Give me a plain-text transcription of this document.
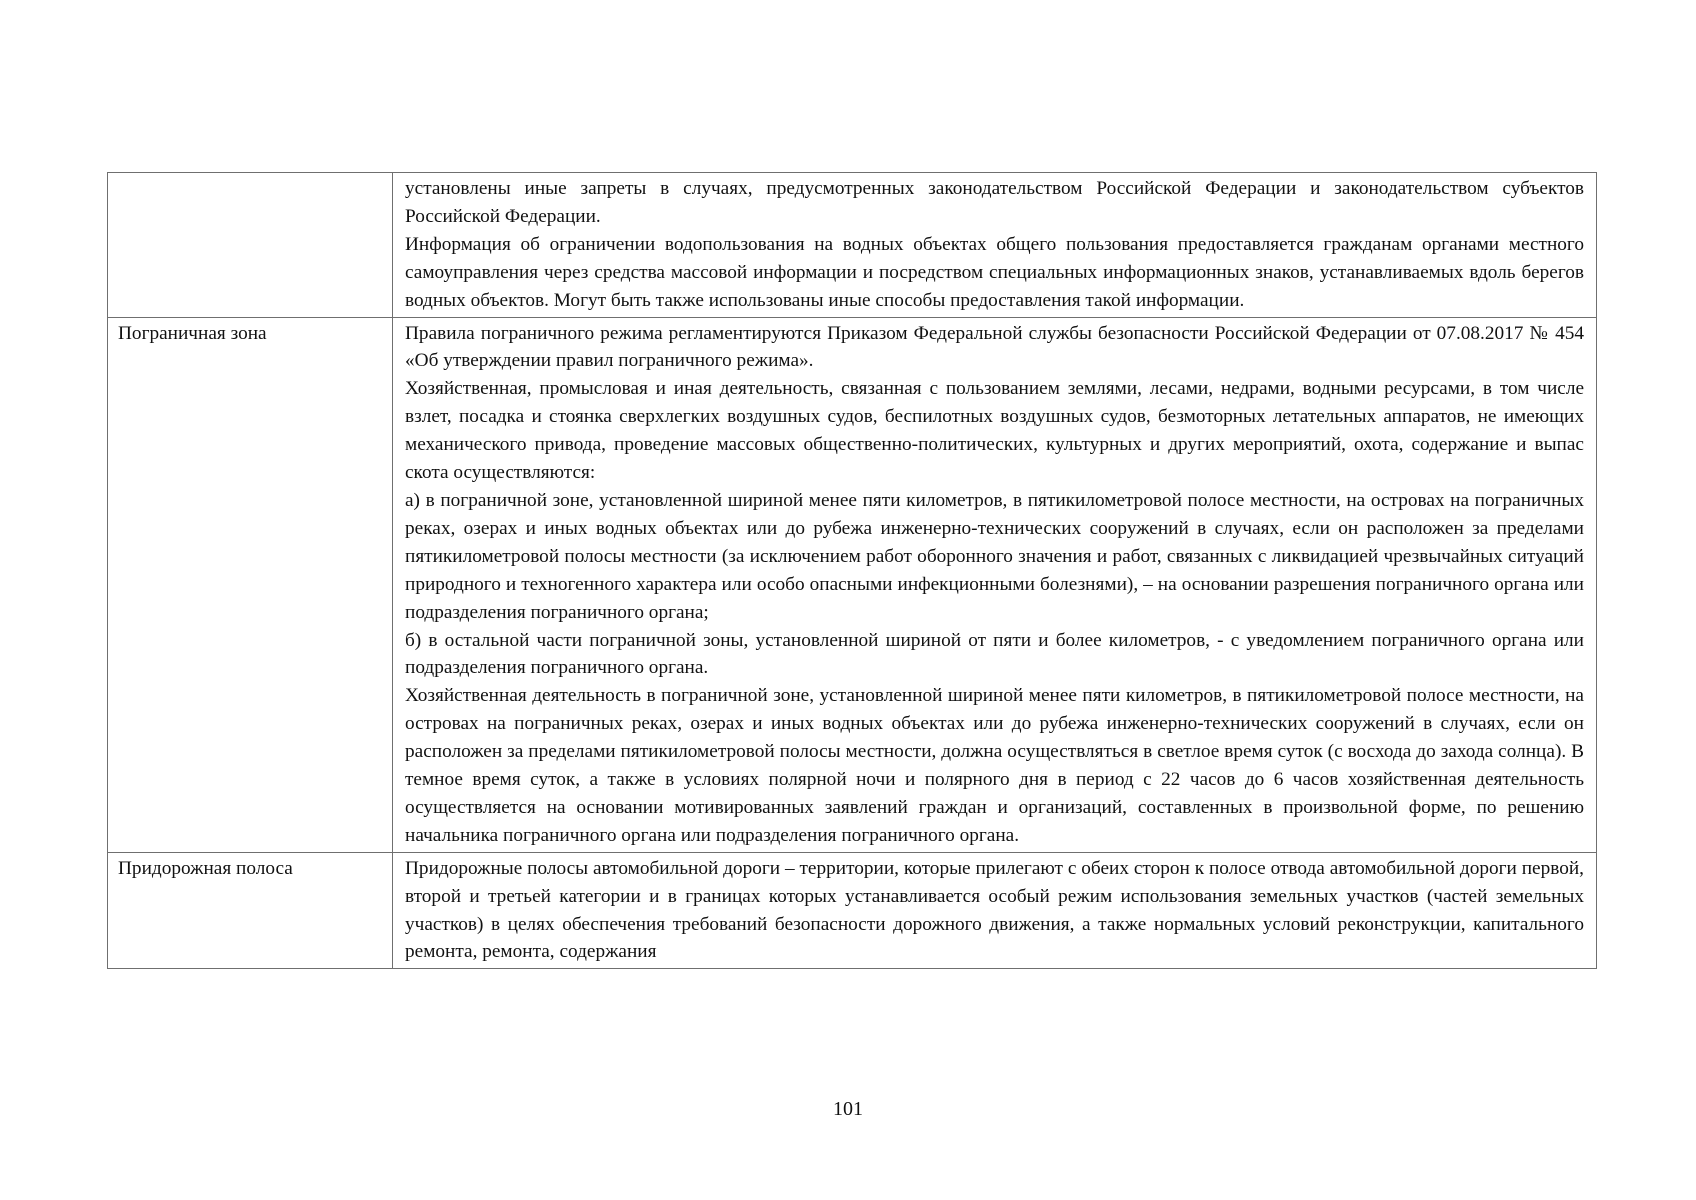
	установлены иные запреты в случаях, предусмотренных законодательством Российской Федерации и законодательством субъектов Российской Федерации.

Информация об ограничении водопользования на водных объектах общего пользования предоставляется гражданам органами местного самоуправления через средства массовой информации и посредством специальных информационных знаков, устанавливаемых вдоль берегов водных объектов. Могут быть также использованы иные способы предоставления такой информации.

Пограничная зона	Правила пограничного режима регламентируются Приказом Федеральной службы безопасности Российской Федерации от 07.08.2017 № 454 «Об утверждении правил пограничного режима».

Хозяйственная, промысловая и иная деятельность, связанная с пользованием землями, лесами, недрами, водными ресурсами, в том числе взлет, посадка и стоянка сверхлегких воздушных судов, беспилотных воздушных судов, безмоторных летательных аппаратов, не имеющих механического привода, проведение массовых общественно-политических, культурных и других мероприятий, охота, содержание и выпас скота осуществляются:

а) в пограничной зоне, установленной шириной менее пяти километров, в пятикилометровой полосе местности, на островах на пограничных реках, озерах и иных водных объектах или до рубежа инженерно-технических сооружений в случаях, если он расположен за пределами пятикилометровой полосы местности (за исключением работ оборонного значения и работ, связанных с ликвидацией чрезвычайных ситуаций природного и техногенного характера или особо опасными инфекционными болезнями), – на основании разрешения пограничного органа или подразделения пограничного органа;

б) в остальной части пограничной зоны, установленной шириной от пяти и более километров, - с уведомлением пограничного органа или подразделения пограничного органа.

Хозяйственная деятельность в пограничной зоне, установленной шириной менее пяти километров, в пятикилометровой полосе местности, на островах на пограничных реках, озерах и иных водных объектах или до рубежа инженерно-технических сооружений в случаях, если он расположен за пределами пятикилометровой полосы местности, должна осуществляться в светлое время суток (с восхода до захода солнца). В темное время суток, а также в условиях полярной ночи и полярного дня в период с 22 часов до 6 часов хозяйственная деятельность осуществляется на основании мотивированных заявлений граждан и организаций, составленных в произвольной форме, по решению начальника пограничного органа или подразделения пограничного органа.

Придорожная полоса	Придорожные полосы автомобильной дороги – территории, которые прилегают с обеих сторон к полосе отвода автомобильной дороги первой, второй и третьей категории и в границах которых устанавливается особый режим использования земельных участков (частей земельных участков) в целях обеспечения требований безопасности дорожного движения, а также нормальных условий реконструкции, капитального ремонта, ремонта, содержания

101
